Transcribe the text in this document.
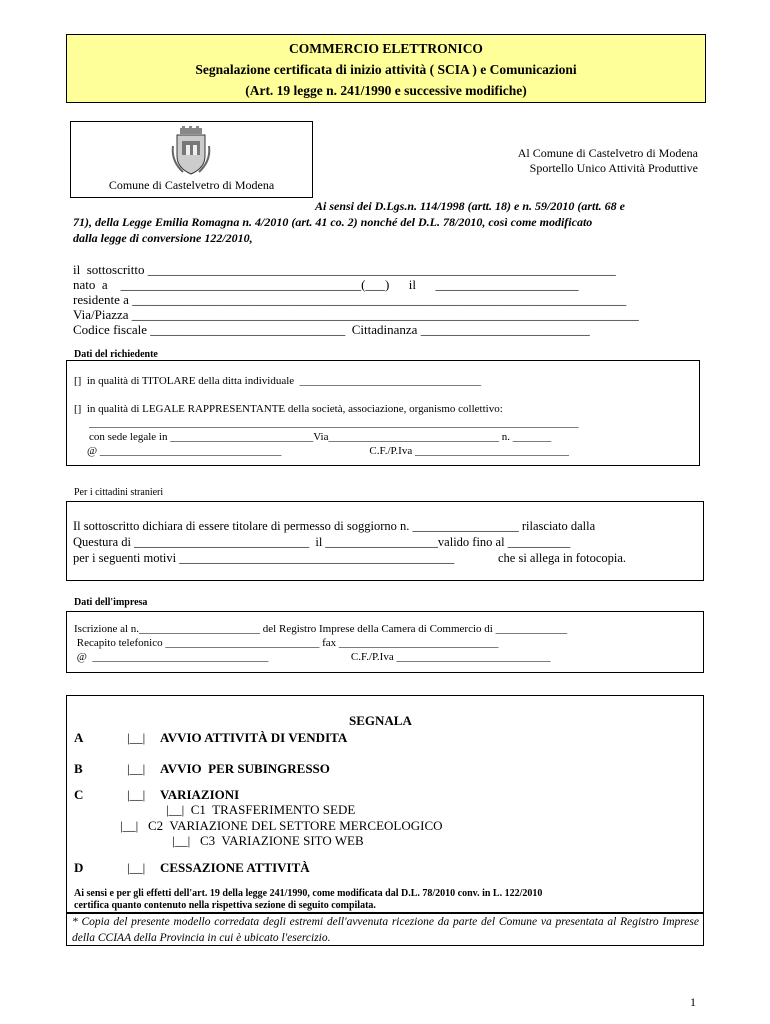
COMMERCIO ELETTRONICO
Segnalazione certificata di inizio attività ( SCIA ) e Comunicazioni
(Art. 19 legge n. 241/1990 e successive modifiche)
Comune di Castelvetro di Modena
Al Comune di Castelvetro di Modena
Sportello Unico Attività Produttive
Ai sensi dei D.Lgs.n. 114/1998 (artt. 18) e n. 59/2010 (artt. 68 e
71), della Legge Emilia Romagna n. 4/2010 (art. 41 co. 2) nonché del D.L. 78/2010, così come modificato
dalla legge di conversione 122/2010,
il  sottoscritto ________________________________________________________________________
nato  a    _____________________________________(___)      il      ______________________
residente a ____________________________________________________________________________
Via/Piazza ______________________________________________________________________________
Codice fiscale ______________________________  Cittadinanza __________________________
Dati del richiedente
[]  in qualità di TITOLARE della ditta individuale  _________________________________
[]  in qualità di LEGALE RAPPRESENTANTE della società, associazione, organismo collettivo:
_________________________________________________________________________________________
con sede legale in __________________________Via_______________________________ n. _______
@ _________________________________                                C.F./P.Iva ____________________________
Per i cittadini stranieri
Il sottoscritto dichiara di essere titolare di permesso di soggiorno n. _________________ rilasciato dalla
Questura di ____________________________  il __________________valido fino al __________
per i seguenti motivi ____________________________________________              che si allega in fotocopia.
Dati dell'impresa
Iscrizione al n.______________________ del Registro Imprese della Camera di Commercio di _____________
Recapito telefonico ____________________________ fax _____________________________
@  ________________________________                              C.F./P.Iva ____________________________
SEGNALA
A	|__| AVVIO ATTIVITÀ DI VENDITA
B	|__| AVVIO  PER SUBINGRESSO
C	|__| VARIAZIONI
|__|  C1  TRASFERIMENTO SEDE
|__|   C2  VARIAZIONE DEL SETTORE MERCEOLOGICO
|__|   C3  VARIAZIONE SITO WEB
D	|__| CESSAZIONE ATTIVITÀ
Ai sensi e per gli effetti dell'art. 19 della legge 241/1990, come modificata dal D.L. 78/2010 conv. in L. 122/2010
certifica quanto contenuto nella rispettiva sezione di seguito compilata.
* Copia del presente modello corredata degli estremi dell'avvenuta ricezione da parte del Comune va presentata al Registro Imprese della CCIAA della Provincia in cui è ubicato l'esercizio.
1
